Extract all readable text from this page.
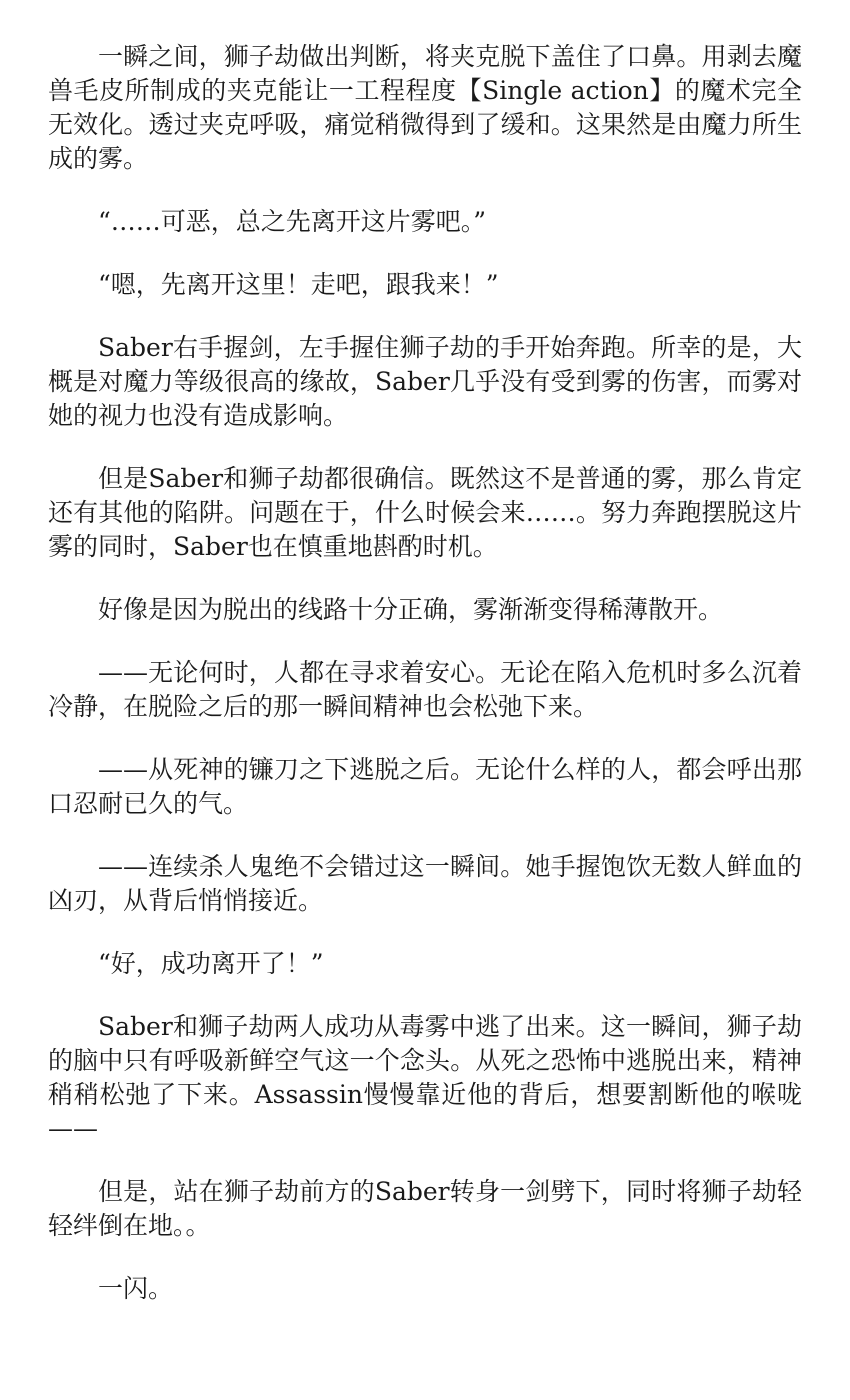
一瞬之间，狮子劫做出判断，将夹克脱下盖住了口鼻。用剥去魔兽毛皮所制成的夹克能让一工程程度【Single action】的魔术完全无效化。透过夹克呼吸，痛觉稍微得到了缓和。这果然是由魔力所生成的雾。

“……可恶，总之先离开这片雾吧。”

“嗯，先离开这里！走吧，跟我来！”

Saber右手握剑，左手握住狮子劫的手开始奔跑。所幸的是，大概是对魔力等级很高的缘故，Saber几乎没有受到雾的伤害，而雾对她的视力也没有造成影响。

但是Saber和狮子劫都很确信。既然这不是普通的雾，那么肯定还有其他的陷阱。问题在于，什么时候会来……。努力奔跑摆脱这片雾的同时，Saber也在慎重地斟酌时机。

好像是因为脱出的线路十分正确，雾渐渐变得稀薄散开。

——无论何时，人都在寻求着安心。无论在陷入危机时多么沉着冷静，在脱险之后的那一瞬间精神也会松弛下来。

——从死神的镰刀之下逃脱之后。无论什么样的人，都会呼出那口忍耐已久的气。

——连续杀人鬼绝不会错过这一瞬间。她手握饱饮无数人鲜血的凶刃，从背后悄悄接近。

“好，成功离开了！”

Saber和狮子劫两人成功从毒雾中逃了出来。这一瞬间，狮子劫的脑中只有呼吸新鲜空气这一个念头。从死之恐怖中逃脱出来，精神稍稍松弛了下来。Assassin慢慢靠近他的背后，想要割断他的喉咙——

但是，站在狮子劫前方的Saber转身一剑劈下，同时将狮子劫轻轻绊倒在地。。

一闪。
